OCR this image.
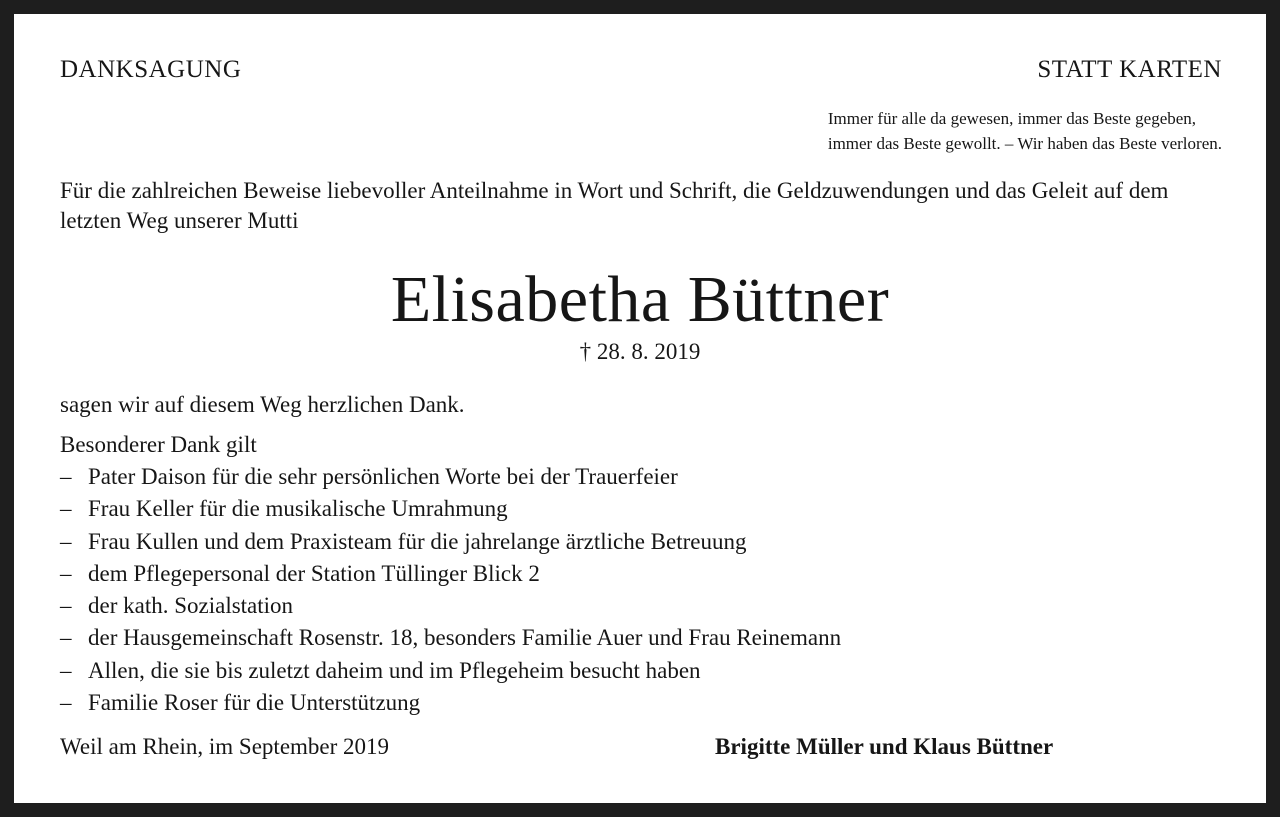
DANKSAGUNG	STATT KARTEN
Immer für alle da gewesen, immer das Beste gegeben,
immer das Beste gewollt. – Wir haben das Beste verloren.
Für die zahlreichen Beweise liebevoller Anteilnahme in Wort und Schrift, die Geldzuwendungen und das Geleit auf dem letzten Weg unserer Mutti
Elisabetha Büttner
† 28. 8. 2019
sagen wir auf diesem Weg herzlichen Dank.
Besonderer Dank gilt
– Pater Daison für die sehr persönlichen Worte bei der Trauerfeier
– Frau Keller für die musikalische Umrahmung
– Frau Kullen und dem Praxisteam für die jahrelange ärztliche Betreuung
– dem Pflegepersonal der Station Tüllinger Blick 2
– der kath. Sozialstation
– der Hausgemeinschaft Rosenstr. 18, besonders Familie Auer und Frau Reinemann
– Allen, die sie bis zuletzt daheim und im Pflegeheim besucht haben
– Familie Roser für die Unterstützung
Weil am Rhein, im September 2019	Brigitte Müller und Klaus Büttner
